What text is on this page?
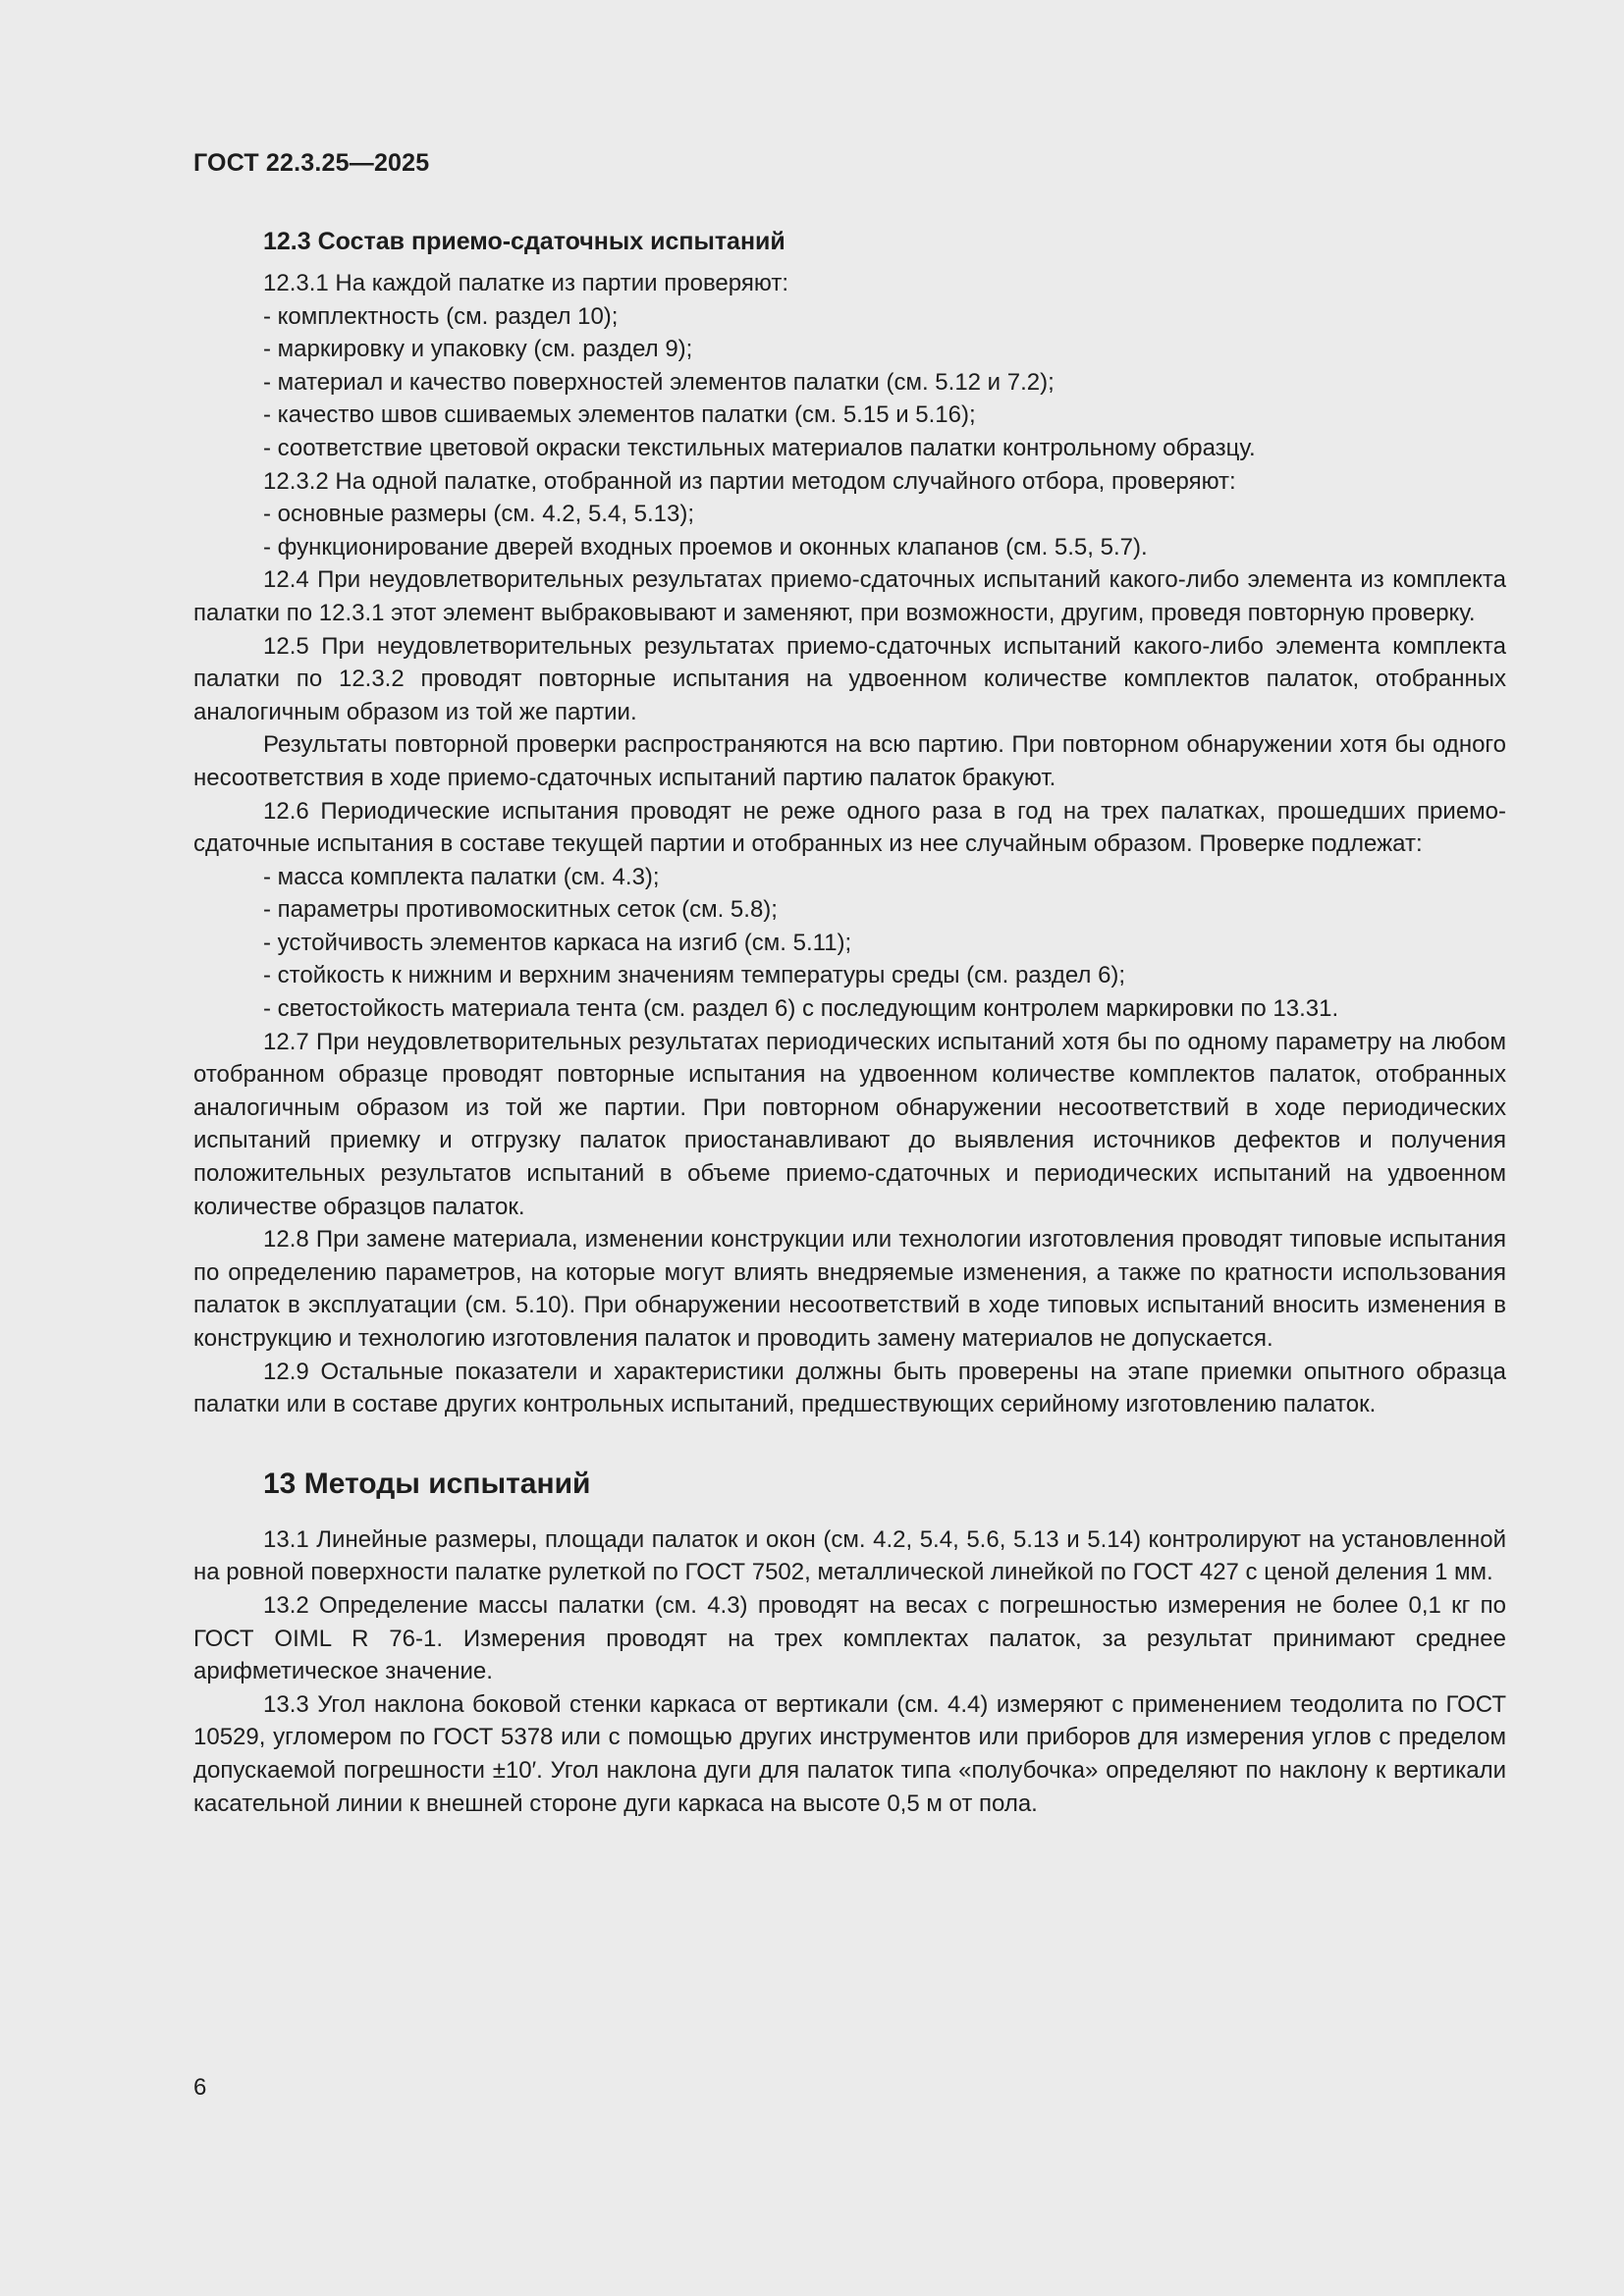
ГОСТ 22.3.25—2025
12.3 Состав приемо-сдаточных испытаний

12.3.1 На каждой палатке из партии проверяют:

- комплектность (см. раздел 10);

- маркировку и упаковку (см. раздел 9);

- материал и качество поверхностей элементов палатки (см. 5.12 и 7.2);

- качество швов сшиваемых элементов палатки (см. 5.15 и 5.16);

- соответствие цветовой окраски текстильных материалов палатки контрольному образцу.

12.3.2 На одной палатке, отобранной из партии методом случайного отбора, проверяют:

- основные размеры (см. 4.2, 5.4, 5.13);

- функционирование дверей входных проемов и оконных клапанов (см. 5.5, 5.7).

12.4 При неудовлетворительных результатах приемо-сдаточных испытаний какого-либо элемента из комплекта палатки по 12.3.1 этот элемент выбраковывают и заменяют, при возможности, другим, проведя повторную проверку.

12.5 При неудовлетворительных результатах приемо-сдаточных испытаний какого-либо элемента комплекта палатки по 12.3.2 проводят повторные испытания на удвоенном количестве комплектов палаток, отобранных аналогичным образом из той же партии.

Результаты повторной проверки распространяются на всю партию. При повторном обнаружении хотя бы одного несоответствия в ходе приемо-сдаточных испытаний партию палаток бракуют.

12.6 Периодические испытания проводят не реже одного раза в год на трех палатках, прошедших приемо-сдаточные испытания в составе текущей партии и отобранных из нее случайным образом. Проверке подлежат:

- масса комплекта палатки (см. 4.3);

- параметры противомоскитных сеток (см. 5.8);

- устойчивость элементов каркаса на изгиб (см. 5.11);

- стойкость к нижним и верхним значениям температуры среды (см. раздел 6);

- светостойкость материала тента (см. раздел 6) с последующим контролем маркировки по 13.31.

12.7 При неудовлетворительных результатах периодических испытаний хотя бы по одному параметру на любом отобранном образце проводят повторные испытания на удвоенном количестве комплектов палаток, отобранных аналогичным образом из той же партии. При повторном обнаружении несоответствий в ходе периодических испытаний приемку и отгрузку палаток приостанавливают до выявления источников дефектов и получения положительных результатов испытаний в объеме приемо-сдаточных и периодических испытаний на удвоенном количестве образцов палаток.

12.8 При замене материала, изменении конструкции или технологии изготовления проводят типовые испытания по определению параметров, на которые могут влиять внедряемые изменения, а также по кратности использования палаток в эксплуатации (см. 5.10). При обнаружении несоответствий в ходе типовых испытаний вносить изменения в конструкцию и технологию изготовления палаток и проводить замену материалов не допускается.

12.9 Остальные показатели и характеристики должны быть проверены на этапе приемки опытного образца палатки или в составе других контрольных испытаний, предшествующих серийному изготовлению палаток.

13 Методы испытаний

13.1 Линейные размеры, площади палаток и окон (см. 4.2, 5.4, 5.6, 5.13 и 5.14) контролируют на установленной на ровной поверхности палатке рулеткой по ГОСТ 7502, металлической линейкой по ГОСТ 427 с ценой деления 1 мм.

13.2 Определение массы палатки (см. 4.3) проводят на весах с погрешностью измерения не более 0,1 кг по ГОСТ OIML R 76-1. Измерения проводят на трех комплектах палаток, за результат принимают среднее арифметическое значение.

13.3 Угол наклона боковой стенки каркаса от вертикали (см. 4.4) измеряют с применением теодолита по ГОСТ 10529, угломером по ГОСТ 5378 или с помощью других инструментов или приборов для измерения углов с пределом допускаемой погрешности ±10′. Угол наклона дуги для палаток типа «полубочка» определяют по наклону к вертикали касательной линии к внешней стороне дуги каркаса на высоте 0,5 м от пола.

6
